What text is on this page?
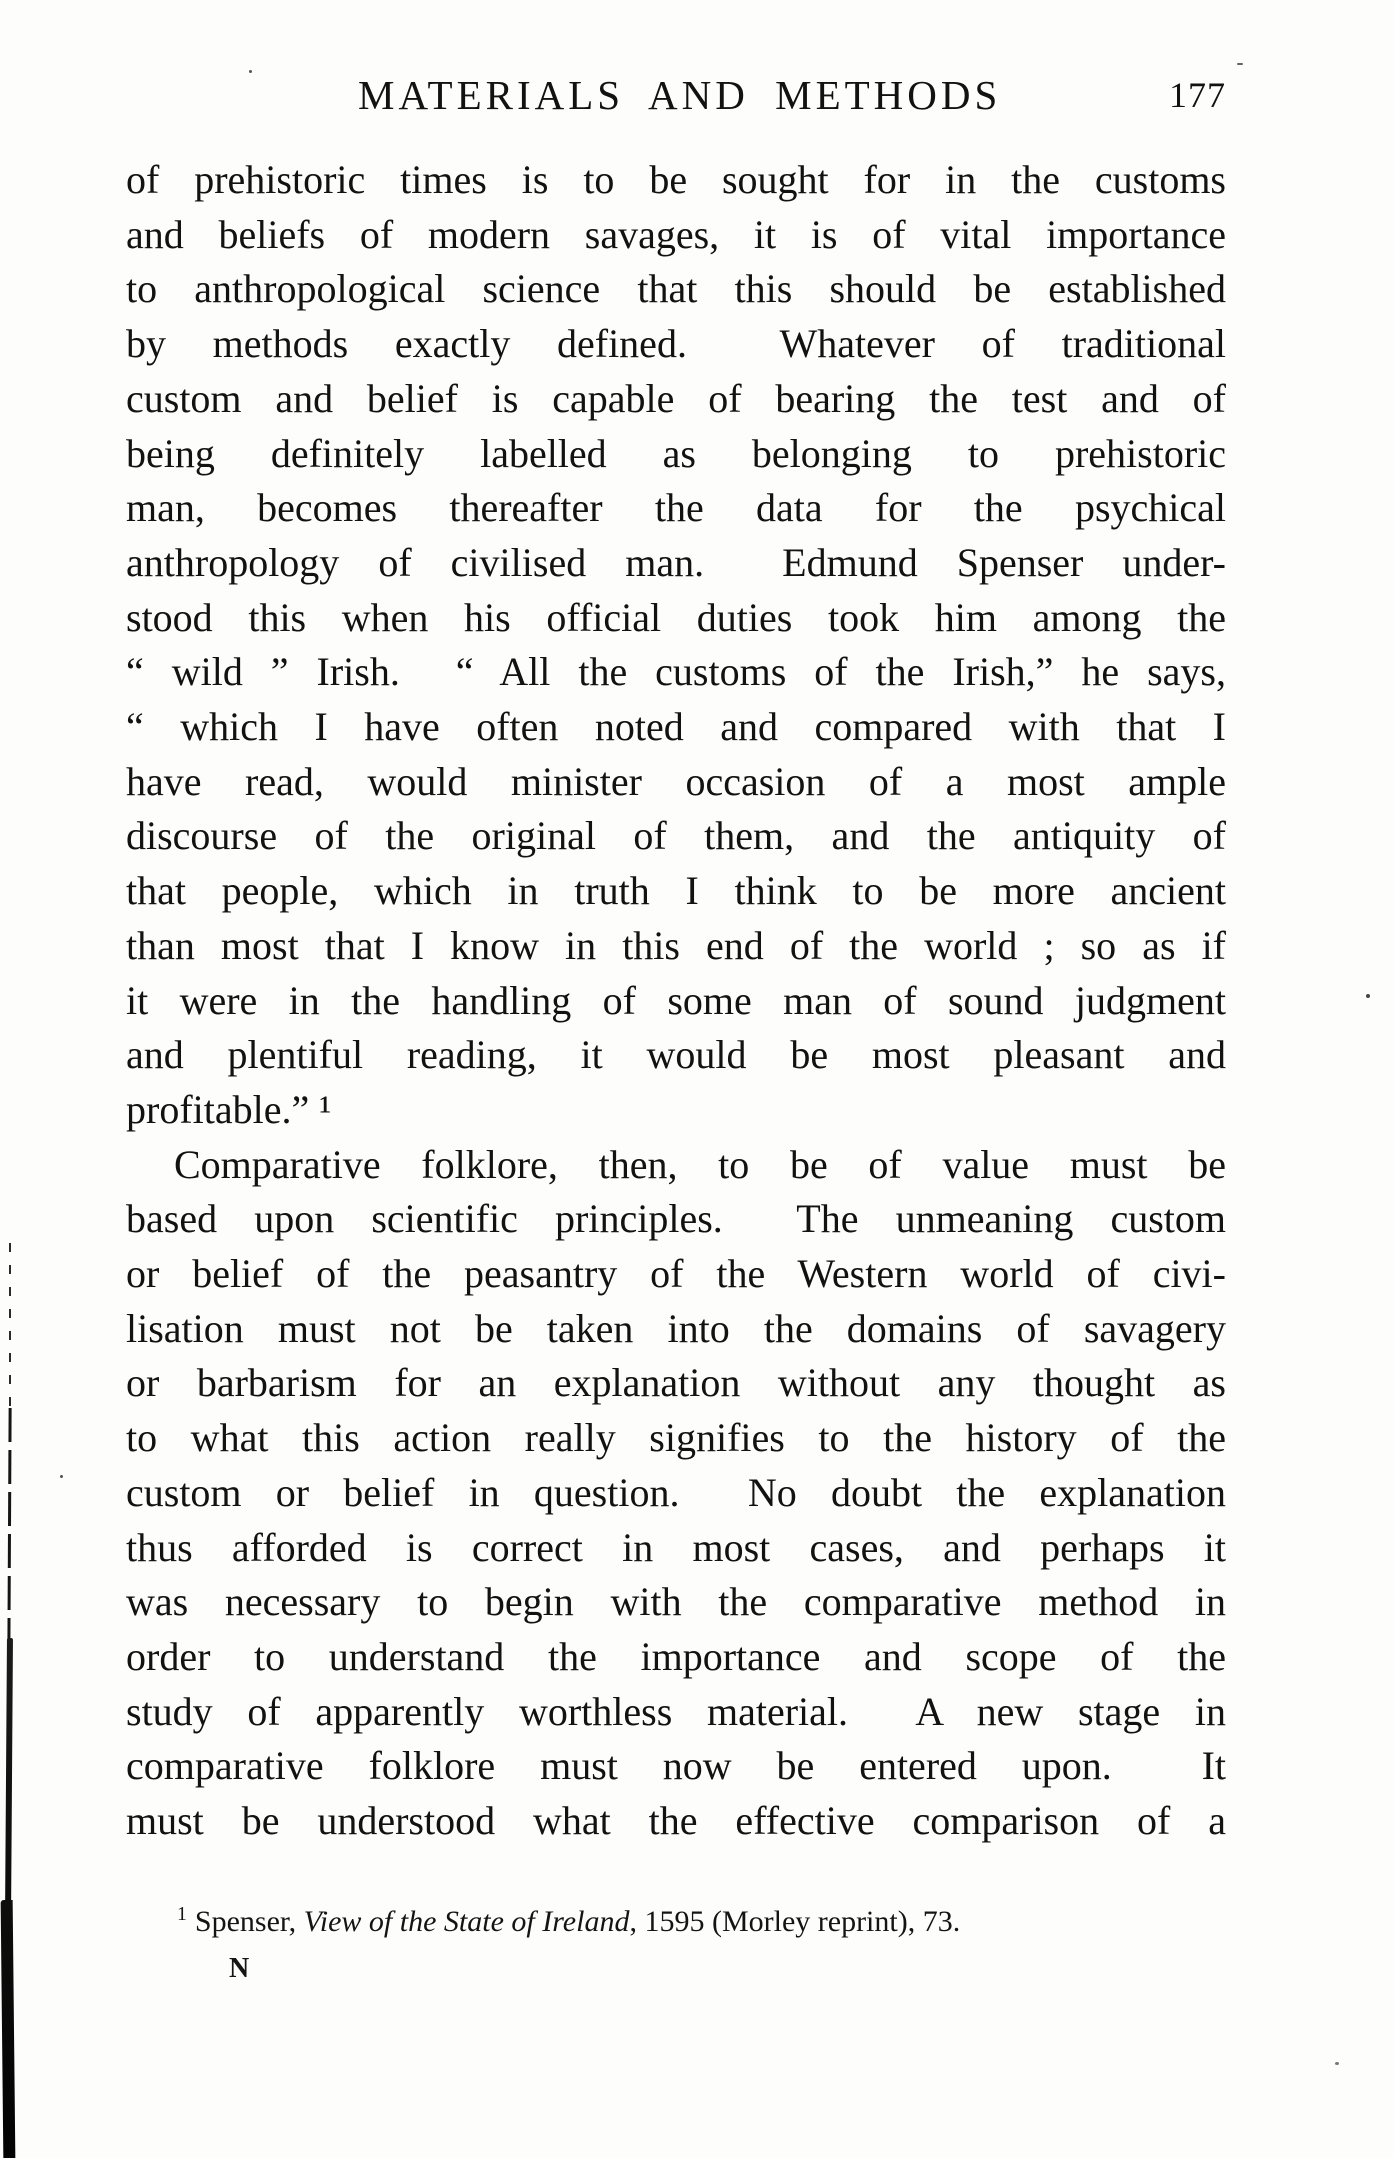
MATERIALS AND METHODS	177
of prehistoric times is to be sought for in the customs
and beliefs of modern savages, it is of vital importance
to anthropological science that this should be established
by methods exactly defined.  Whatever of traditional
custom and belief is capable of bearing the test and of
being definitely labelled as belonging to prehistoric
man, becomes thereafter the data for the psychical
anthropology of civilised man.  Edmund Spenser under-
stood this when his official duties took him among the
“ wild ” Irish.  “ All the customs of the Irish,” he says,
“ which I have often noted and compared with that I
have read, would minister occasion of a most ample
discourse of the original of them, and the antiquity of
that people, which in truth I think to be more ancient
than most that I know in this end of the world ; so as if
it were in the handling of some man of sound judgment
and plentiful reading, it would be most pleasant and
profitable.” ¹
Comparative folklore, then, to be of value must be
based upon scientific principles.  The unmeaning custom
or belief of the peasantry of the Western world of civi-
lisation must not be taken into the domains of savagery
or barbarism for an explanation without any thought as
to what this action really signifies to the history of the
custom or belief in question.  No doubt the explanation
thus afforded is correct in most cases, and perhaps it
was necessary to begin with the comparative method in
order to understand the importance and scope of the
study of apparently worthless material.  A new stage in
comparative folklore must now be entered upon.  It
must be understood what the effective comparison of a
$^1$ Spenser, View of the State of Ireland, 1595 (Morley reprint), 73.
N
